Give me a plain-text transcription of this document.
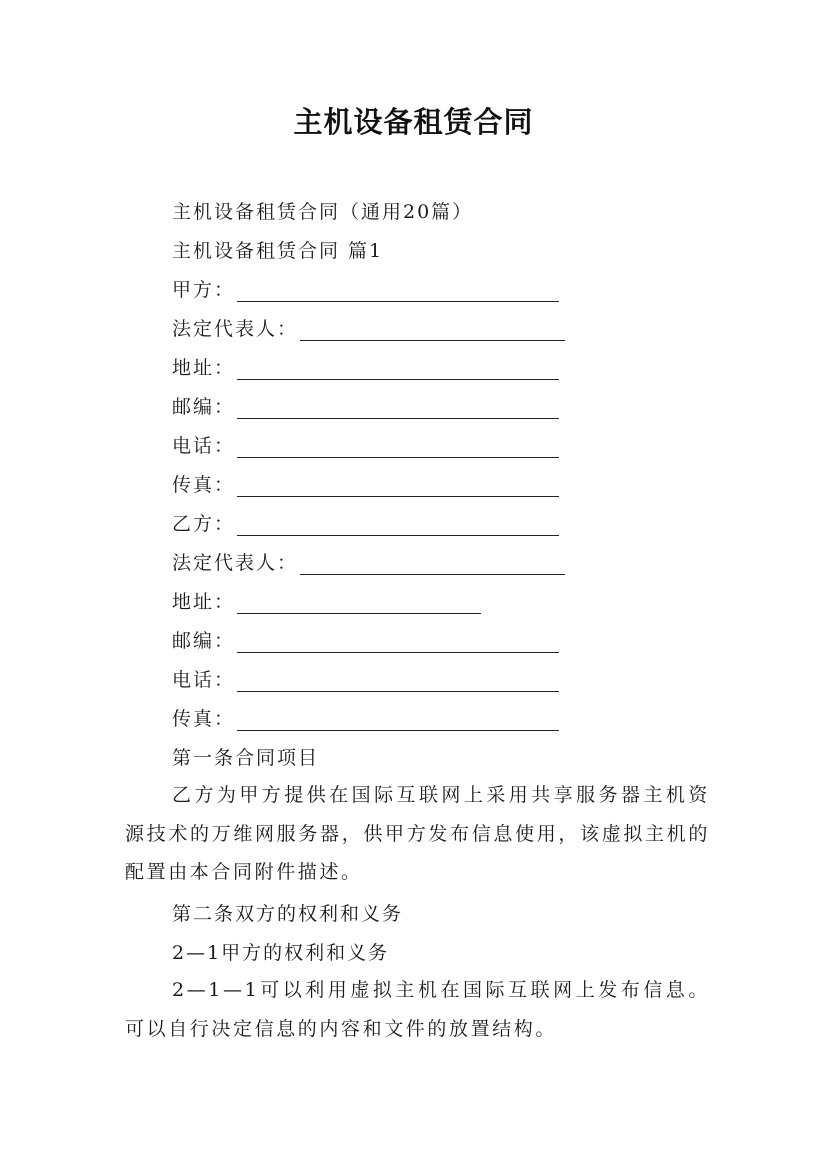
主机设备租赁合同
主机设备租赁合同（通用20篇）
主机设备租赁合同 篇1
甲方：
法定代表人：
地址：
邮编：
电话：
传真：
乙方：
法定代表人：
地址：
邮编：
电话：
传真：
第一条合同项目
乙方为甲方提供在国际互联网上采用共享服务器主机资源技术的万维网服务器，供甲方发布信息使用，该虚拟主机的配置由本合同附件描述。
第二条双方的权利和义务
2—1甲方的权利和义务
2—1—1可以利用虚拟主机在国际互联网上发布信息。可以自行决定信息的内容和文件的放置结构。
